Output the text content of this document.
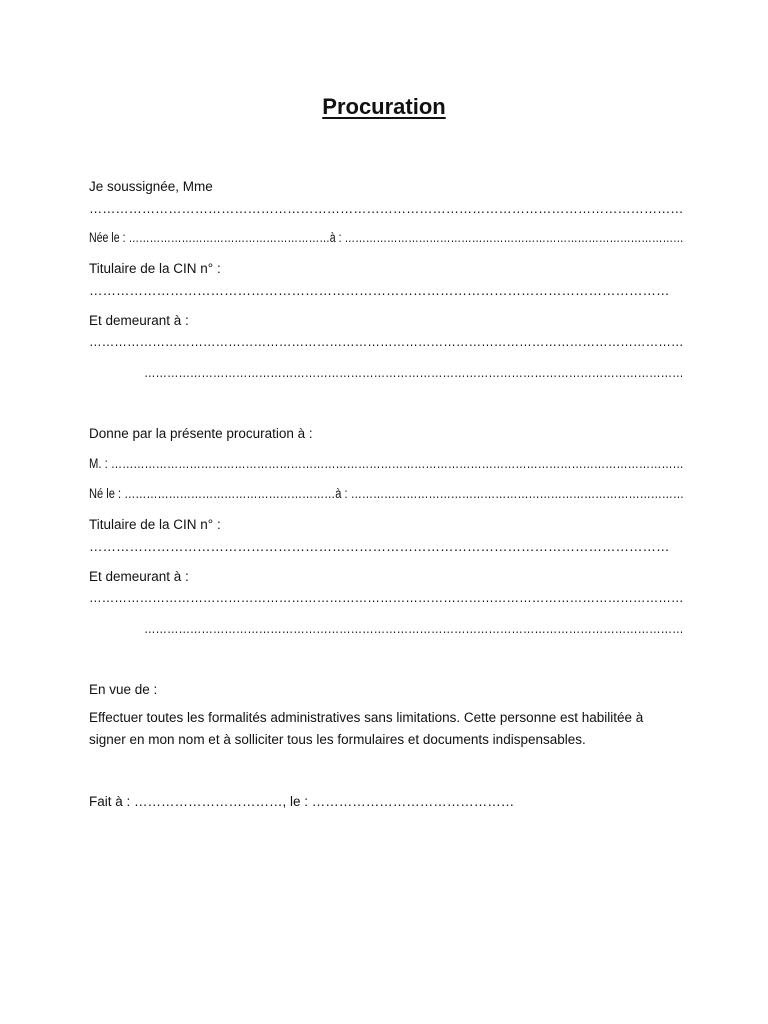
Procuration

Je soussignée, Mme

………………………………………………………………………………………………………………………

Née le : …………………………………………………à : ……………………………………………………………………………………

Titulaire de la CIN n° :

…………………………………………………………………………………………………………………

Et demeurant à :

……………………………………………………………………………………………………………………………

……………………………………………………………………………………………………………………………

Donne par la présente procuration à :

M. : ………………………………………………………………………………………………………………………………………

Né le : …………………………………………………à : ………………………………………………………………………………

Titulaire de la CIN n° :

…………………………………………………………………………………………………………………

Et demeurant à :

……………………………………………………………………………………………………………………………

……………………………………………………………………………………………………………………………

En vue de :

Effectuer toutes les formalités administratives sans limitations. Cette personne est habilitée à signer en mon nom et à solliciter tous les formulaires et documents indispensables.

Fait à : ……………………………, le : ………………………………………
